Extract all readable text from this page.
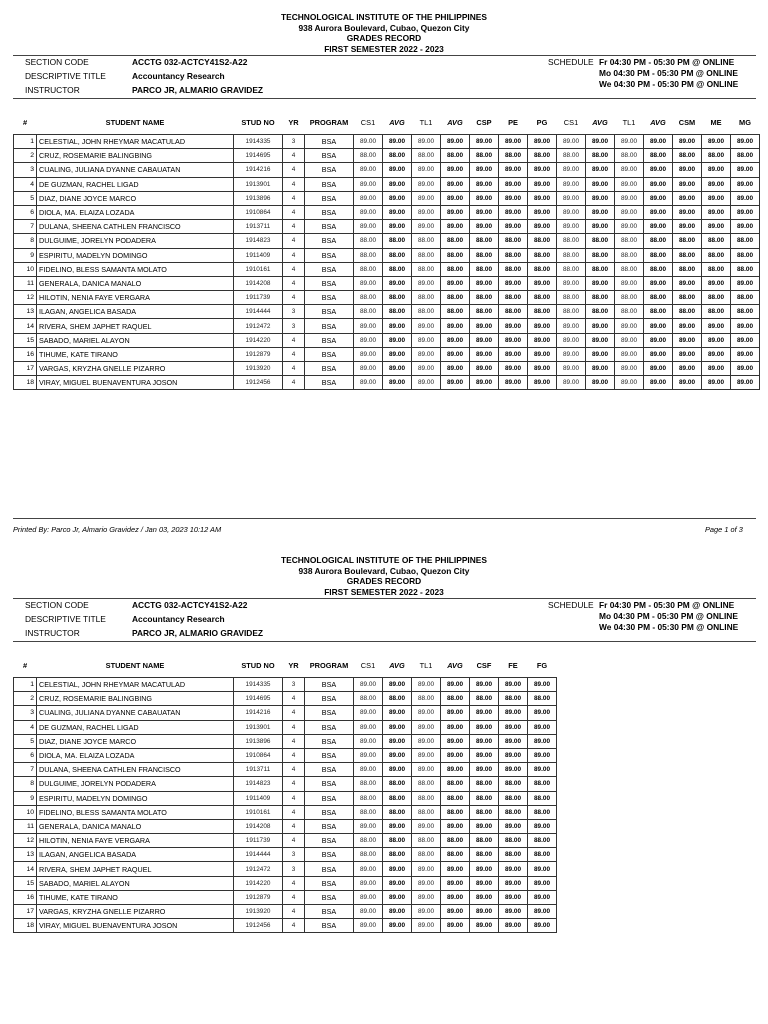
TECHNOLOGICAL INSTITUTE OF THE PHILIPPINES
938 Aurora Boulevard, Cubao, Quezon City
GRADES RECORD
FIRST SEMESTER 2022 - 2023
SECTION CODE	ACCTG 032-ACTCY41S2-A22
DESCRIPTIVE TITLE	Accountancy Research
INSTRUCTOR	PARCO JR, ALMARIO GRAVIDEZ
SCHEDULE Fr 04:30 PM - 05:30 PM @ ONLINE
Mo 04:30 PM - 05:30 PM @ ONLINE
We 04:30 PM - 05:30 PM @ ONLINE
#	STUDENT NAME	STUD NO	YR	PROGRAM	CS1	AVG	TL1	AVG	CSP	PE	PG	CS1	AVG	TL1	AVG	CSM	ME	MG

1	CELESTIAL, JOHN RHEYMAR MACATULAD	1914335	3	BSA	89.00	89.00	89.00	89.00	89.00	89.00	89.00	89.00	89.00	89.00	89.00	89.00	89.00	89.00
2	CRUZ, ROSEMARIE BALINGBING	1914695	4	BSA	88.00	88.00	88.00	88.00	88.00	88.00	88.00	88.00	88.00	88.00	88.00	88.00	88.00	88.00
3	CUALING, JULIANA DYANNE CABAUATAN	1914216	4	BSA	89.00	89.00	89.00	89.00	89.00	89.00	89.00	89.00	89.00	89.00	89.00	89.00	89.00	89.00
4	DE GUZMAN, RACHEL LIGAD	1913901	4	BSA	89.00	89.00	89.00	89.00	89.00	89.00	89.00	89.00	89.00	89.00	89.00	89.00	89.00	89.00
5	DIAZ, DIANE JOYCE MARCO	1913896	4	BSA	89.00	89.00	89.00	89.00	89.00	89.00	89.00	89.00	89.00	89.00	89.00	89.00	89.00	89.00
6	DIOLA, MA. ELAIZA LOZADA	1910864	4	BSA	89.00	89.00	89.00	89.00	89.00	89.00	89.00	89.00	89.00	89.00	89.00	89.00	89.00	89.00
7	DULANA, SHEENA CATHLEN FRANCISCO	1913711	4	BSA	89.00	89.00	89.00	89.00	89.00	89.00	89.00	89.00	89.00	89.00	89.00	89.00	89.00	89.00
8	DULGUIME, JORELYN PODADERA	1914823	4	BSA	88.00	88.00	88.00	88.00	88.00	88.00	88.00	88.00	88.00	88.00	88.00	88.00	88.00	88.00
9	ESPIRITU, MADELYN DOMINGO	1911409	4	BSA	88.00	88.00	88.00	88.00	88.00	88.00	88.00	88.00	88.00	88.00	88.00	88.00	88.00	88.00
10	FIDELINO, BLESS SAMANTA MOLATO	1910161	4	BSA	88.00	88.00	88.00	88.00	88.00	88.00	88.00	88.00	88.00	88.00	88.00	88.00	88.00	88.00
11	GENERALA, DANICA MANALO	1914208	4	BSA	89.00	89.00	89.00	89.00	89.00	89.00	89.00	89.00	89.00	89.00	89.00	89.00	89.00	89.00
12	HILOTIN, NENIA FAYE VERGARA	1911739	4	BSA	88.00	88.00	88.00	88.00	88.00	88.00	88.00	88.00	88.00	88.00	88.00	88.00	88.00	88.00
13	ILAGAN, ANGELICA BASADA	1914444	3	BSA	88.00	88.00	88.00	88.00	88.00	88.00	88.00	88.00	88.00	88.00	88.00	88.00	88.00	88.00
14	RIVERA, SHEM JAPHET RAQUEL	1912472	3	BSA	89.00	89.00	89.00	89.00	89.00	89.00	89.00	89.00	89.00	89.00	89.00	89.00	89.00	89.00
15	SABADO, MARIEL ALAYON	1914220	4	BSA	89.00	89.00	89.00	89.00	89.00	89.00	89.00	89.00	89.00	89.00	89.00	89.00	89.00	89.00
16	TIHUME, KATE TIRANO	1912879	4	BSA	89.00	89.00	89.00	89.00	89.00	89.00	89.00	89.00	89.00	89.00	89.00	89.00	89.00	89.00
17	VARGAS, KRYZHA GNELLE PIZARRO	1913920	4	BSA	89.00	89.00	89.00	89.00	89.00	89.00	89.00	89.00	89.00	89.00	89.00	89.00	89.00	89.00
18	VIRAY, MIGUEL BUENAVENTURA JOSON	1912456	4	BSA	89.00	89.00	89.00	89.00	89.00	89.00	89.00	89.00	89.00	89.00	89.00	89.00	89.00	89.00
Printed By: Parco Jr, Almario Gravidez / Jan 03, 2023 10:12 AM	Page 1 of 3
TECHNOLOGICAL INSTITUTE OF THE PHILIPPINES
938 Aurora Boulevard, Cubao, Quezon City
GRADES RECORD
FIRST SEMESTER 2022 - 2023
SECTION CODE	ACCTG 032-ACTCY41S2-A22
DESCRIPTIVE TITLE	Accountancy Research
INSTRUCTOR	PARCO JR, ALMARIO GRAVIDEZ
SCHEDULE Fr 04:30 PM - 05:30 PM @ ONLINE
Mo 04:30 PM - 05:30 PM @ ONLINE
We 04:30 PM - 05:30 PM @ ONLINE
#	STUDENT NAME	STUD NO	YR	PROGRAM	CS1	AVG	TL1	AVG	CSF	FE	FG

1	CELESTIAL, JOHN RHEYMAR MACATULAD	1914335	3	BSA	89.00	89.00	89.00	89.00	89.00	89.00	89.00
2	CRUZ, ROSEMARIE BALINGBING	1914695	4	BSA	88.00	88.00	88.00	88.00	88.00	88.00	88.00
3	CUALING, JULIANA DYANNE CABAUATAN	1914216	4	BSA	89.00	89.00	89.00	89.00	89.00	89.00	89.00
4	DE GUZMAN, RACHEL LIGAD	1913901	4	BSA	89.00	89.00	89.00	89.00	89.00	89.00	89.00
5	DIAZ, DIANE JOYCE MARCO	1913896	4	BSA	89.00	89.00	89.00	89.00	89.00	89.00	89.00
6	DIOLA, MA. ELAIZA LOZADA	1910864	4	BSA	89.00	89.00	89.00	89.00	89.00	89.00	89.00
7	DULANA, SHEENA CATHLEN FRANCISCO	1913711	4	BSA	89.00	89.00	89.00	89.00	89.00	89.00	89.00
8	DULGUIME, JORELYN PODADERA	1914823	4	BSA	88.00	88.00	88.00	88.00	88.00	88.00	88.00
9	ESPIRITU, MADELYN DOMINGO	1911409	4	BSA	88.00	88.00	88.00	88.00	88.00	88.00	88.00
10	FIDELINO, BLESS SAMANTA MOLATO	1910161	4	BSA	88.00	88.00	88.00	88.00	88.00	88.00	88.00
11	GENERALA, DANICA MANALO	1914208	4	BSA	89.00	89.00	89.00	89.00	89.00	89.00	89.00
12	HILOTIN, NENIA FAYE VERGARA	1911739	4	BSA	88.00	88.00	88.00	88.00	88.00	88.00	88.00
13	ILAGAN, ANGELICA BASADA	1914444	3	BSA	88.00	88.00	88.00	88.00	88.00	88.00	88.00
14	RIVERA, SHEM JAPHET RAQUEL	1912472	3	BSA	89.00	89.00	89.00	89.00	89.00	89.00	89.00
15	SABADO, MARIEL ALAYON	1914220	4	BSA	89.00	89.00	89.00	89.00	89.00	89.00	89.00
16	TIHUME, KATE TIRANO	1912879	4	BSA	89.00	89.00	89.00	89.00	89.00	89.00	89.00
17	VARGAS, KRYZHA GNELLE PIZARRO	1913920	4	BSA	89.00	89.00	89.00	89.00	89.00	89.00	89.00
18	VIRAY, MIGUEL BUENAVENTURA JOSON	1912456	4	BSA	89.00	89.00	89.00	89.00	89.00	89.00	89.00
